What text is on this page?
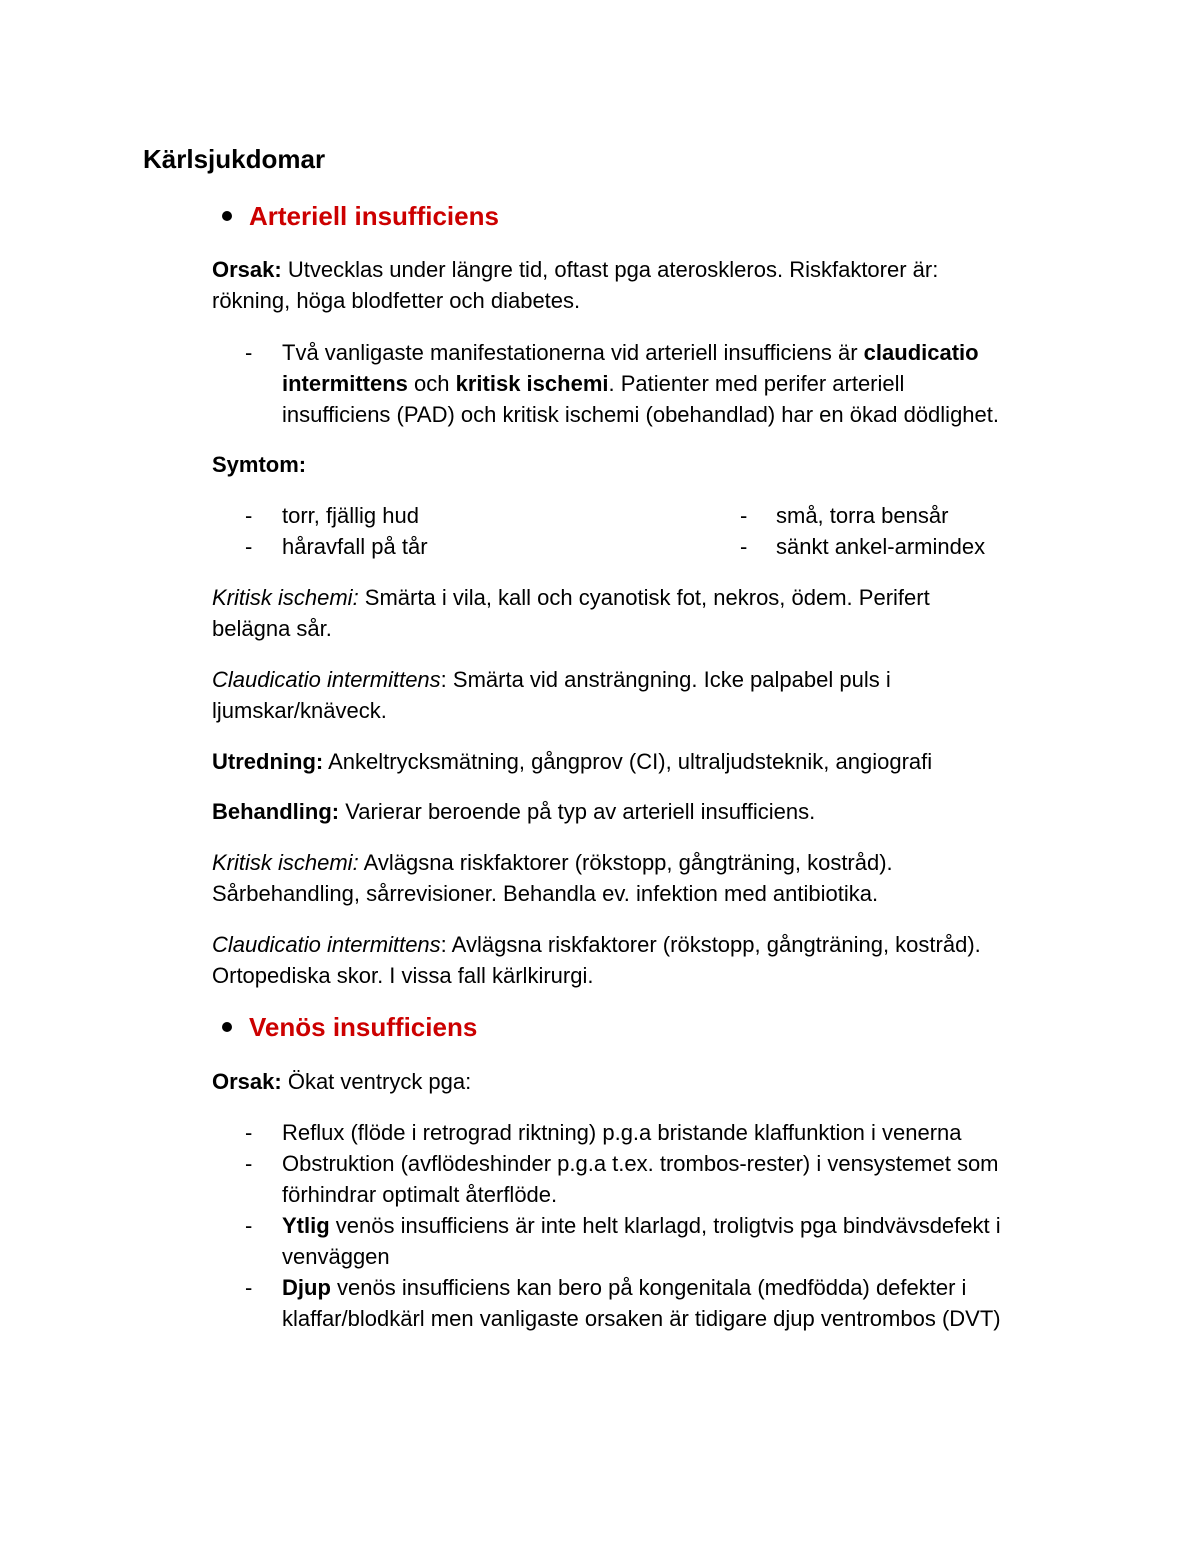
Kärlsjukdomar
Arteriell insufficiens
Orsak: Utvecklas under längre tid, oftast pga ateroskleros. Riskfaktorer är:
rökning, höga blodfetter och diabetes.
- Två vanligaste manifestationerna vid arteriell insufficiens är claudicatio
intermittens och kritisk ischemi. Patienter med perifer arteriell
insufficiens (PAD) och kritisk ischemi (obehandlad) har en ökad dödlighet.
Symtom:
- torr, fjällig hud
- håravfall på tår
- små, torra bensår
- sänkt ankel-armindex
Kritisk ischemi: Smärta i vila, kall och cyanotisk fot, nekros, ödem. Perifert
belägna sår.
Claudicatio intermittens: Smärta vid ansträngning. Icke palpabel puls i
ljumskar/knäveck.
Utredning: Ankeltrycksmätning, gångprov (CI), ultraljudsteknik, angiografi
Behandling: Varierar beroende på typ av arteriell insufficiens.
Kritisk ischemi: Avlägsna riskfaktorer (rökstopp, gångträning, kostråd).
Sårbehandling, sårrevisioner. Behandla ev. infektion med antibiotika.
Claudicatio intermittens: Avlägsna riskfaktorer (rökstopp, gångträning, kostråd).
Ortopediska skor. I vissa fall kärlkirurgi.
Venös insufficiens
Orsak: Ökat ventryck pga:
- Reflux (flöde i retrograd riktning) p.g.a bristande klaffunktion i venerna
- Obstruktion (avflödeshinder p.g.a t.ex. trombos-rester) i vensystemet som
förhindrar optimalt återflöde.
- Ytlig venös insufficiens är inte helt klarlagd, troligtvis pga bindvävsdefekt i
venväggen
- Djup venös insufficiens kan bero på kongenitala (medfödda) defekter i
klaffar/blodkärl men vanligaste orsaken är tidigare djup ventrombos (DVT)
